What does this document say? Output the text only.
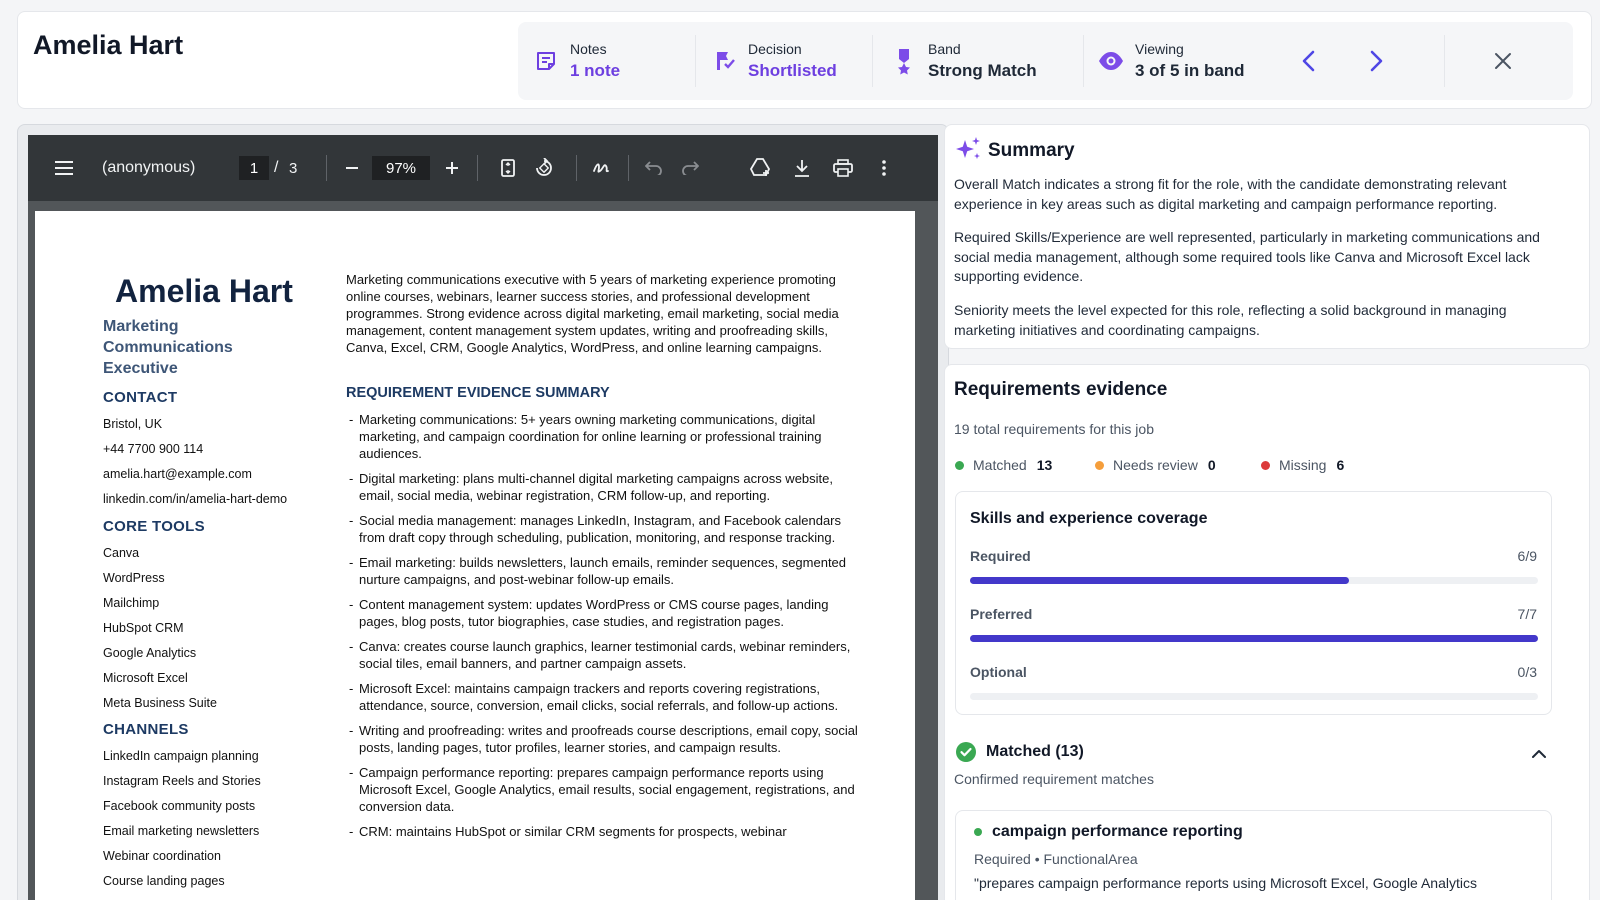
Amelia Hart	Notes
1 note
Decision
Shortlisted
Band
Strong Match
Viewing
3 of 5 in band
(anonymous)	1 / 3	97%
Amelia Hart
Marketing Communications Executive
CONTACT
Bristol, UK
+44 7700 900 114
amelia.hart@example.com
linkedin.com/in/amelia-hart-demo
CORE TOOLS
Canva
WordPress
Mailchimp
HubSpot CRM
Google Analytics
Microsoft Excel
Meta Business Suite
CHANNELS
LinkedIn campaign planning
Instagram Reels and Stories
Facebook community posts
Email marketing newsletters
Webinar coordination
Course landing pages
Marketing communications executive with 5 years of marketing experience promoting online courses, webinars, learner success stories, and professional development programmes. Strong evidence across digital marketing, email marketing, social media management, content management system updates, writing and proofreading skills, Canva, Excel, CRM, Google Analytics, WordPress, and online learning campaigns.
REQUIREMENT EVIDENCE SUMMARY
- Marketing communications: 5+ years owning marketing communications, digital marketing, and campaign coordination for online learning or professional training audiences.
- Digital marketing: plans multi-channel digital marketing campaigns across website, email, social media, webinar registration, CRM follow-up, and reporting.
- Social media management: manages LinkedIn, Instagram, and Facebook calendars from draft copy through scheduling, publication, monitoring, and response tracking.
- Email marketing: builds newsletters, launch emails, reminder sequences, segmented nurture campaigns, and post-webinar follow-up emails.
- Content management system: updates WordPress or CMS course pages, landing pages, blog posts, tutor biographies, case studies, and registration pages.
- Canva: creates course launch graphics, learner testimonial cards, webinar reminders, social tiles, email banners, and partner campaign assets.
- Microsoft Excel: maintains campaign trackers and reports covering registrations, attendance, source, conversion, email clicks, social referrals, and follow-up actions.
- Writing and proofreading: writes and proofreads course descriptions, email copy, social posts, landing pages, tutor profiles, learner stories, and campaign results.
- Campaign performance reporting: prepares campaign performance reports using Microsoft Excel, Google Analytics, email results, social engagement, registrations, and conversion data.
- CRM: maintains HubSpot or similar CRM segments for prospects, webinar
Summary
Overall Match indicates a strong fit for the role, with the candidate demonstrating relevant experience in key areas such as digital marketing and campaign performance reporting.
Required Skills/Experience are well represented, particularly in marketing communications and social media management, although some required tools like Canva and Microsoft Excel lack supporting evidence.
Seniority meets the level expected for this role, reflecting a solid background in managing marketing initiatives and coordinating campaigns.
Requirements evidence
19 total requirements for this job
Matched 13	Needs review 0	Missing 6
Skills and experience coverage
Required	6/9
Preferred	7/7
Optional	0/3
Matched (13)
Confirmed requirement matches
campaign performance reporting
Required • FunctionalArea
"prepares campaign performance reports using Microsoft Excel, Google Analytics
